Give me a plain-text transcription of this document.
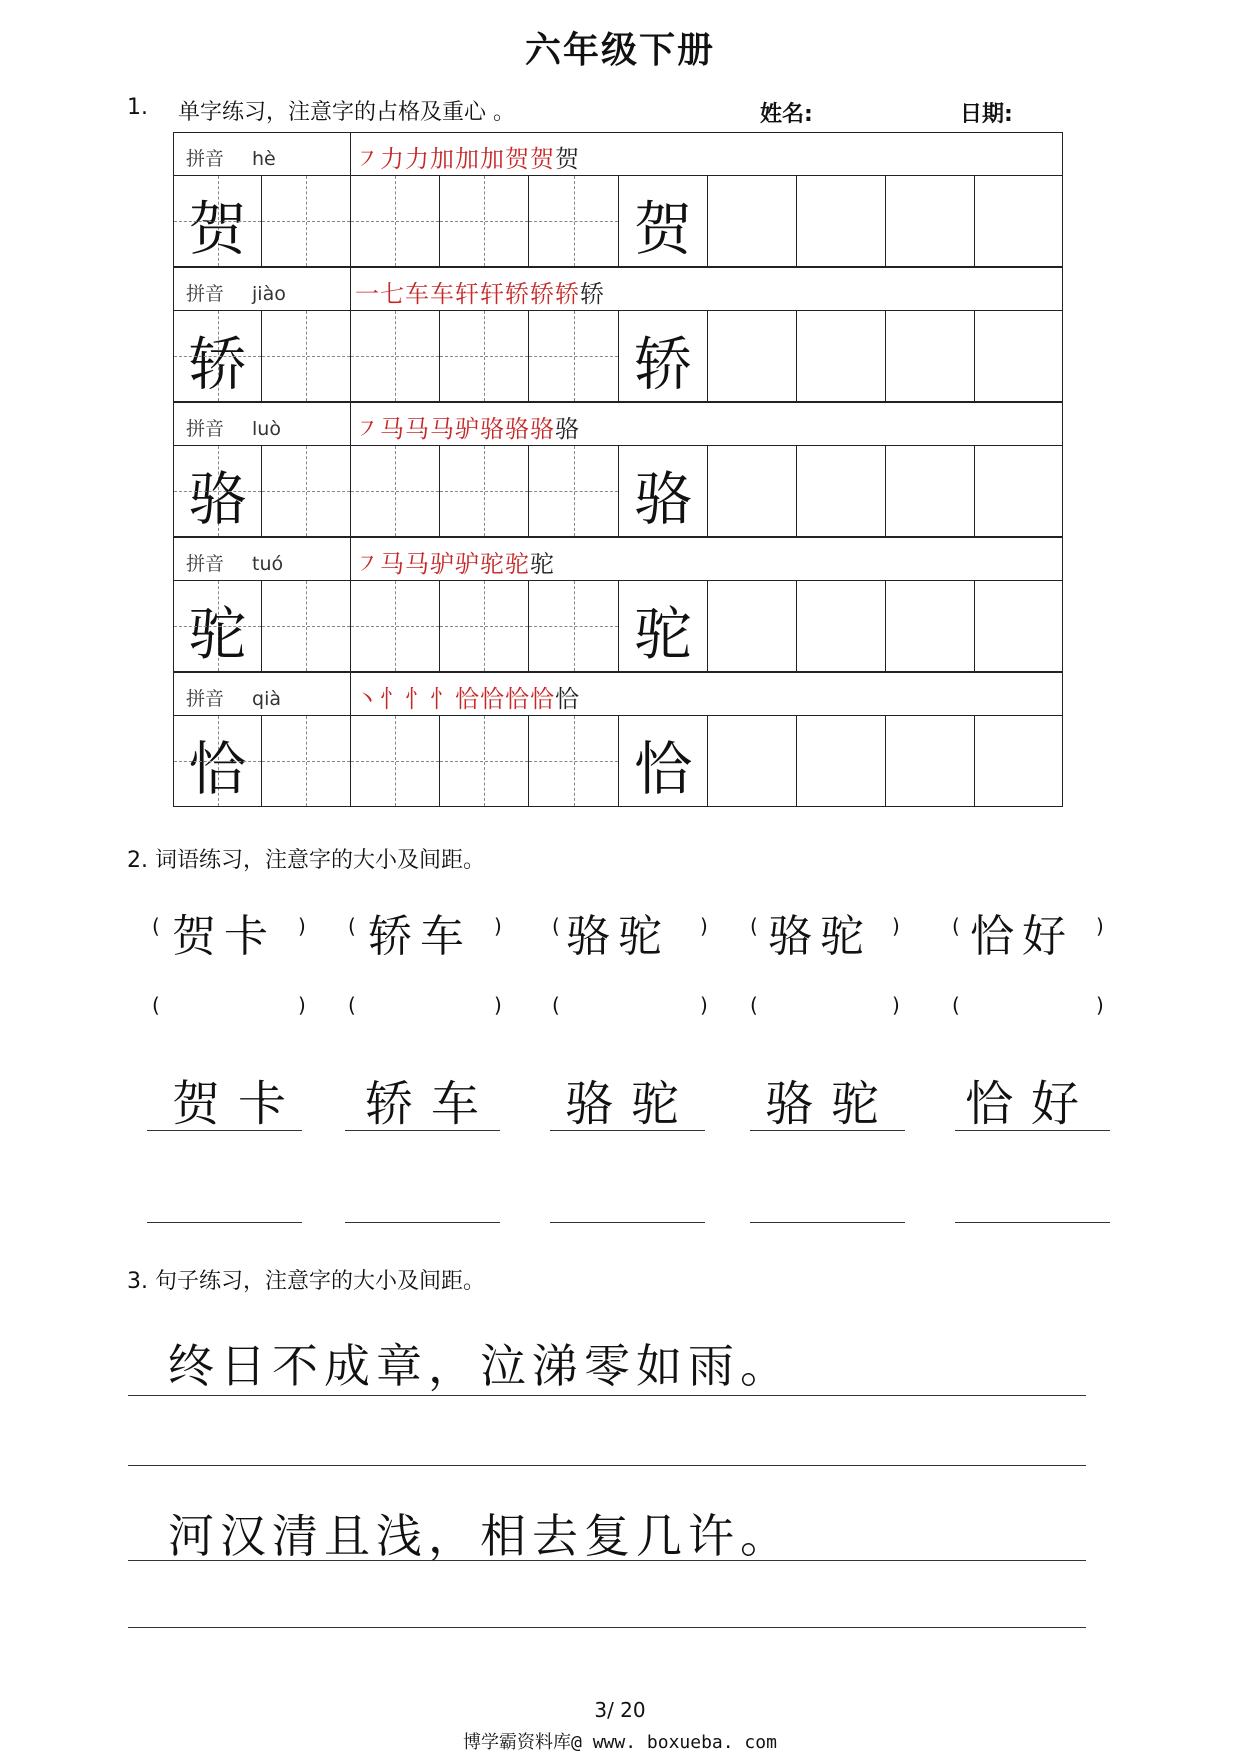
六年级下册
1. 单字练习，注意字的占格及重心 。	姓名:	日期:
拼音 hè	㇇力力加加加贺贺贺
贺	贺
拼音 jiào	一七车车轩轩轿轿轿轿
轿	轿
拼音 luò	㇇马马马驴骆骆骆骆
骆	骆
拼音 tuó	㇇马马驴驴驼驼驼
驼	驼
拼音 qià	丶忄忄忄恰恰恰恰恰
恰	恰
2. 词语练习，注意字的大小及间距。
( 贺卡 ) ( 轿车 )	( 骆驼 ) ( 骆驼 )	( 恰好 )
(	) (	)	(	) (	)	(	)
贺卡 轿车 骆驼 骆驼 恰好
3. 句子练习，注意字的大小及间距。
终日不成章，泣涕零如雨。
河汉清且浅，相去复几许。
3/ 20
博学霸资料库@ www. boxueba. com
